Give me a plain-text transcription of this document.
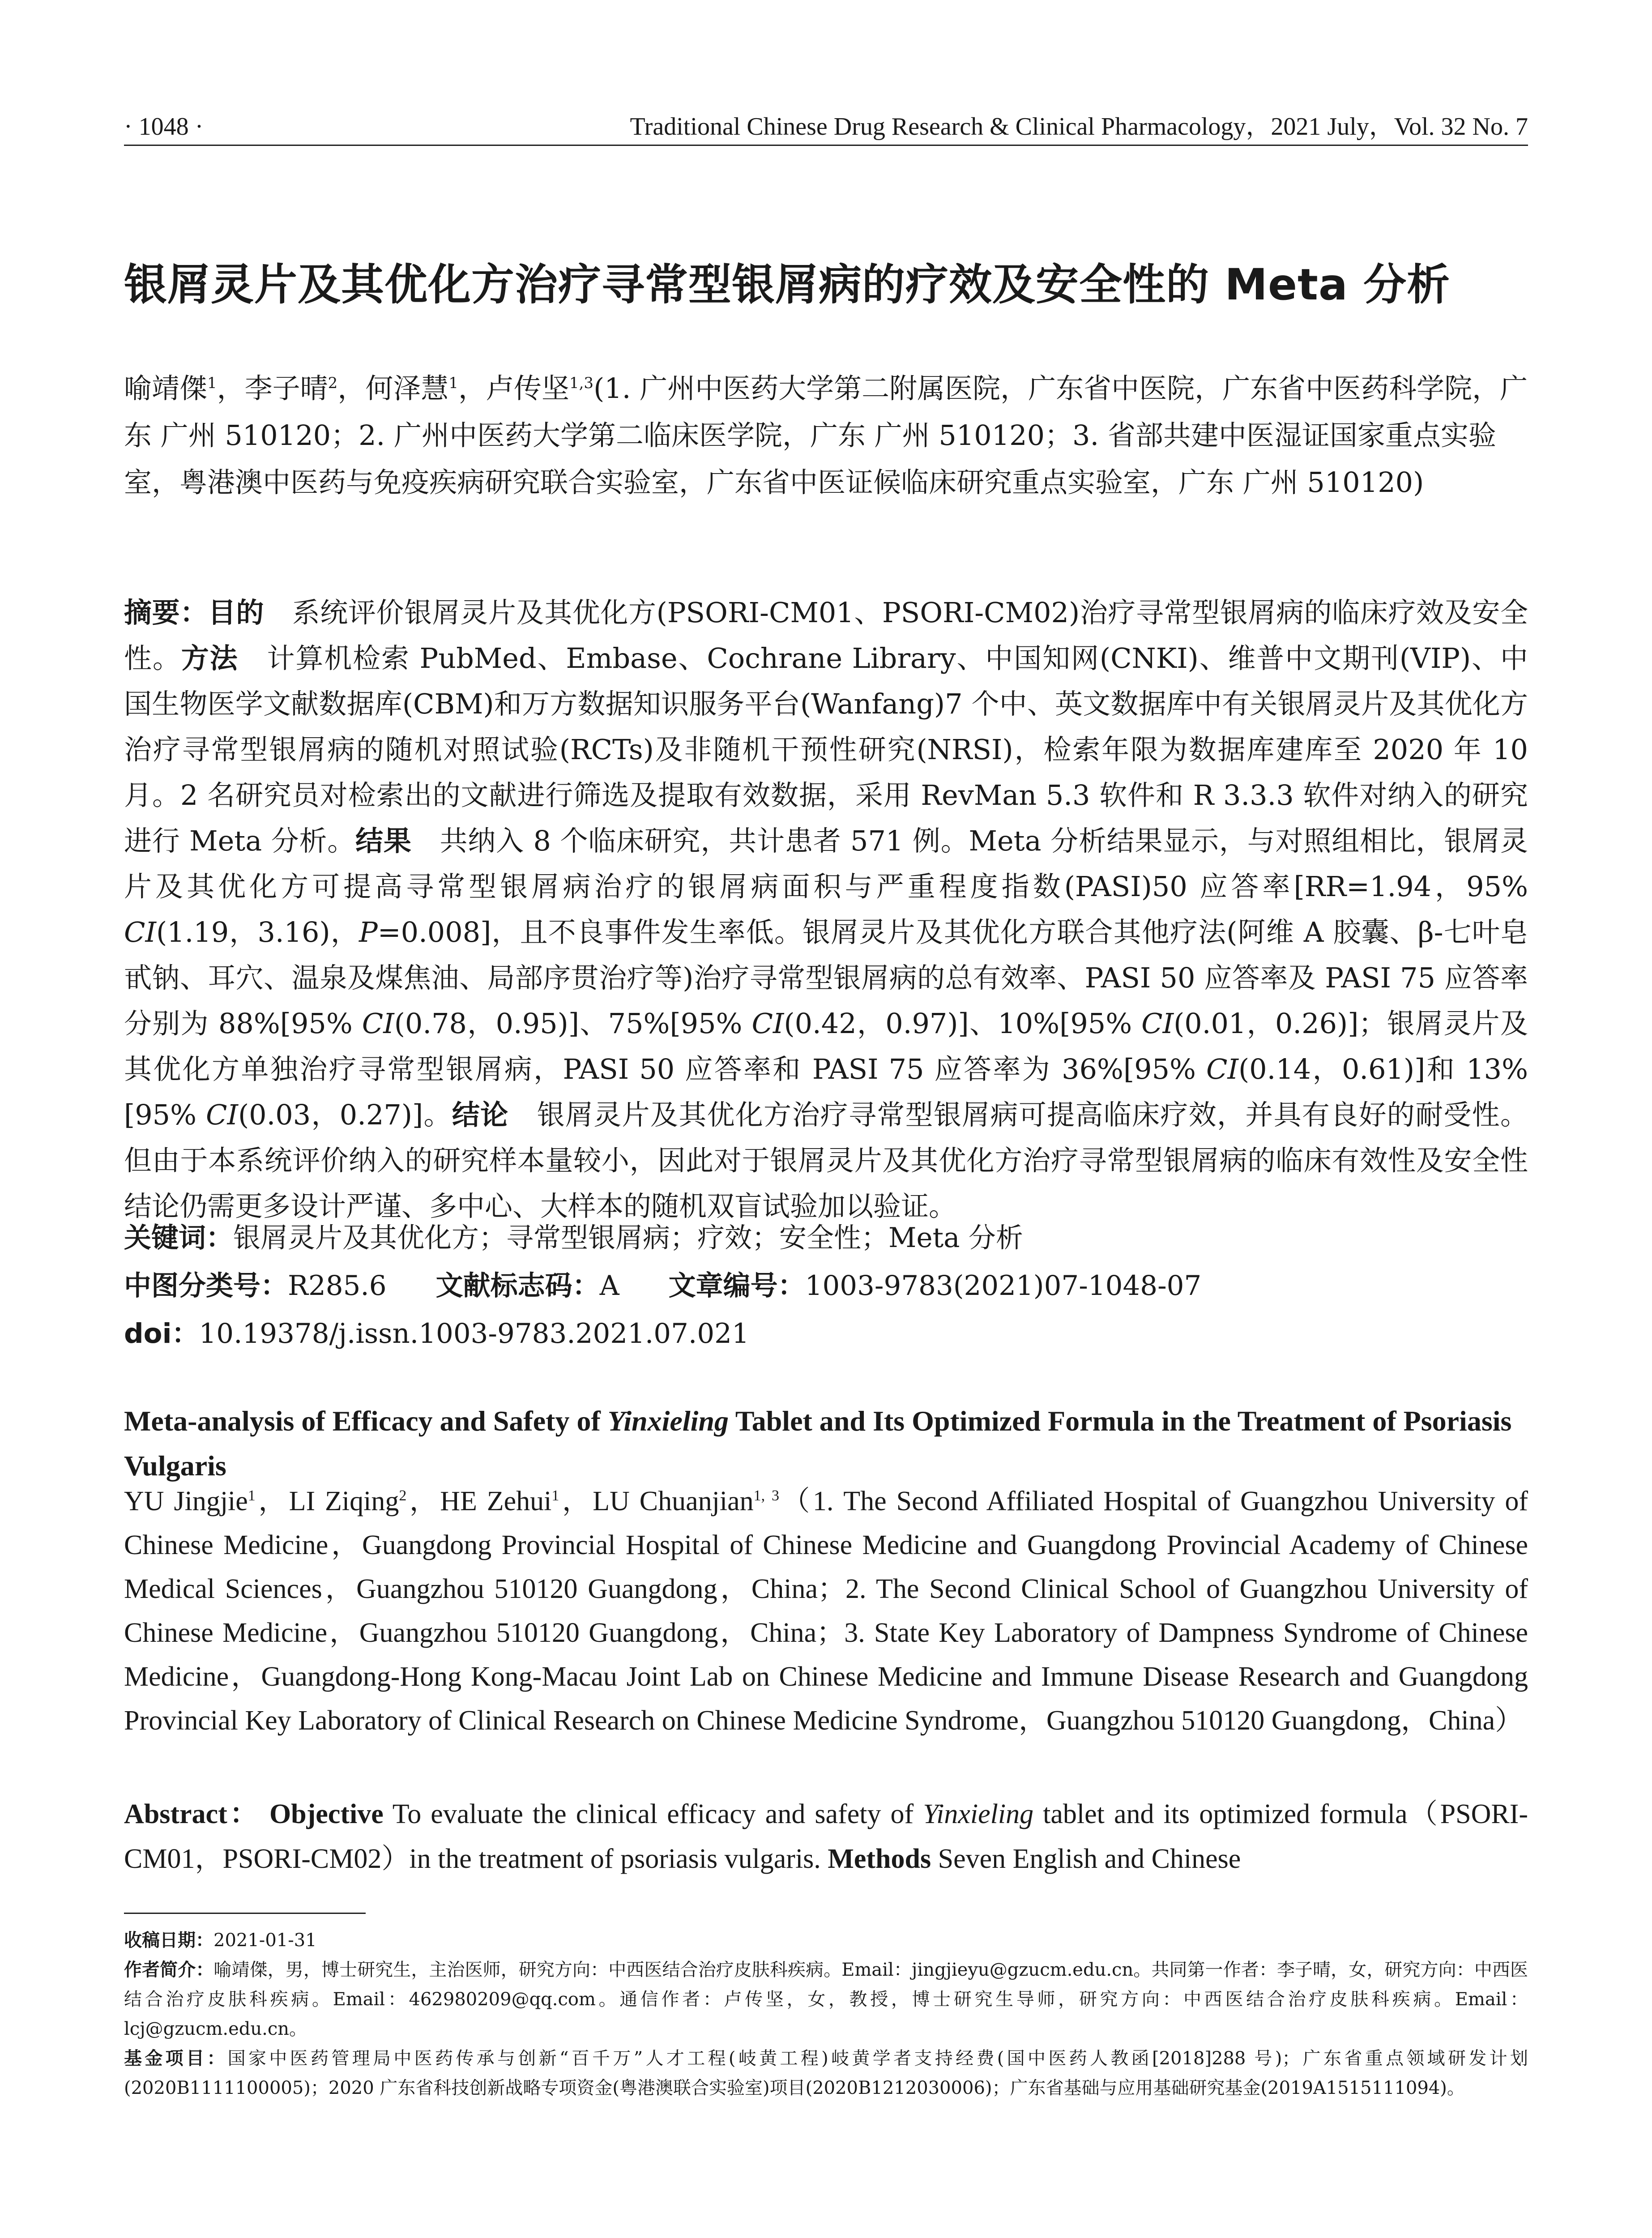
· 1048 ·	Traditional Chinese Drug Research & Clinical Pharmacology，2021 July，Vol. 32 No. 7
银屑灵片及其优化方治疗寻常型银屑病的疗效及安全性的 Meta 分析
喻靖傑$^1$，李子晴$^2$，何泽慧$^1$，卢传坚$^{1,3}$(1. 广州中医药大学第二附属医院，广东省中医院，广东省中医药科学院，广东 广州 510120；2. 广州中医药大学第二临床医学院，广东 广州 510120；3. 省部共建中医湿证国家重点实验室，粤港澳中医药与免疫疾病研究联合实验室，广东省中医证候临床研究重点实验室，广东 广州 510120)
摘要：目的　系统评价银屑灵片及其优化方(PSORI-CM01、PSORI-CM02)治疗寻常型银屑病的临床疗效及安全性。方法　计算机检索 PubMed、Embase、Cochrane Library、中国知网(CNKI)、维普中文期刊(VIP)、中国生物医学文献数据库(CBM)和万方数据知识服务平台(Wanfang)7 个中、英文数据库中有关银屑灵片及其优化方治疗寻常型银屑病的随机对照试验(RCTs)及非随机干预性研究(NRSI)，检索年限为数据库建库至 2020 年 10 月。2 名研究员对检索出的文献进行筛选及提取有效数据，采用 RevMan 5.3 软件和 R 3.3.3 软件对纳入的研究进行 Meta 分析。结果　共纳入 8 个临床研究，共计患者 571 例。Meta 分析结果显示，与对照组相比，银屑灵片及其优化方可提高寻常型银屑病治疗的银屑病面积与严重程度指数(PASI)50 应答率[RR=1.94，95% CI(1.19，3.16)，P=0.008]，且不良事件发生率低。银屑灵片及其优化方联合其他疗法(阿维 A 胶囊、β-七叶皂甙钠、耳穴、温泉及煤焦油、局部序贯治疗等)治疗寻常型银屑病的总有效率、PASI 50 应答率及 PASI 75 应答率分别为 88%[95% CI(0.78，0.95)]、75%[95% CI(0.42，0.97)]、10%[95% CI(0.01，0.26)]；银屑灵片及其优化方单独治疗寻常型银屑病，PASI 50 应答率和 PASI 75 应答率为 36%[95% CI(0.14，0.61)]和 13%[95% CI(0.03，0.27)]。结论　银屑灵片及其优化方治疗寻常型银屑病可提高临床疗效，并具有良好的耐受性。但由于本系统评价纳入的研究样本量较小，因此对于银屑灵片及其优化方治疗寻常型银屑病的临床有效性及安全性结论仍需更多设计严谨、多中心、大样本的随机双盲试验加以验证。
关键词：银屑灵片及其优化方；寻常型银屑病；疗效；安全性；Meta 分析
中图分类号：R285.6 文献标志码：A 文章编号：1003-9783(2021)07-1048-07
doi：10.19378/j.issn.1003-9783.2021.07.021
Meta-analysis of Efficacy and Safety of Yinxieling Tablet and Its Optimized Formula in the Treatment of Psoriasis Vulgaris
YU Jingjie$^1$，LI Ziqing$^2$，HE Zehui$^1$，LU Chuanjian$^{1, 3}$（1. The Second Affiliated Hospital of Guangzhou University of Chinese Medicine，Guangdong Provincial Hospital of Chinese Medicine and Guangdong Provincial Academy of Chinese Medical Sciences，Guangzhou 510120 Guangdong，China；2. The Second Clinical School of Guangzhou University of Chinese Medicine，Guangzhou 510120 Guangdong，China；3. State Key Laboratory of Dampness Syndrome of Chinese Medicine，Guangdong-Hong Kong-Macau Joint Lab on Chinese Medicine and Immune Disease Research and Guangdong Provincial Key Laboratory of Clinical Research on Chinese Medicine Syndrome，Guangzhou 510120 Guangdong，China）
Abstract： Objective To evaluate the clinical efficacy and safety of Yinxieling tablet and its optimized formula（PSORI-CM01，PSORI-CM02）in the treatment of psoriasis vulgaris. Methods Seven English and Chinese
收稿日期：2021-01-31
作者简介：喻靖傑，男，博士研究生，主治医师，研究方向：中西医结合治疗皮肤科疾病。Email：jingjieyu@gzucm.edu.cn。共同第一作者：李子晴，女，研究方向：中西医结合治疗皮肤科疾病。Email：462980209@qq.com。通信作者：卢传坚，女，教授，博士研究生导师，研究方向：中西医结合治疗皮肤科疾病。Email：lcj@gzucm.edu.cn。
基金项目：国家中医药管理局中医药传承与创新“百千万”人才工程(岐黄工程)岐黄学者支持经费(国中医药人教函[2018]288 号)；广东省重点领域研发计划(2020B1111100005)；2020 广东省科技创新战略专项资金(粤港澳联合实验室)项目(2020B1212030006)；广东省基础与应用基础研究基金(2019A1515111094)。
